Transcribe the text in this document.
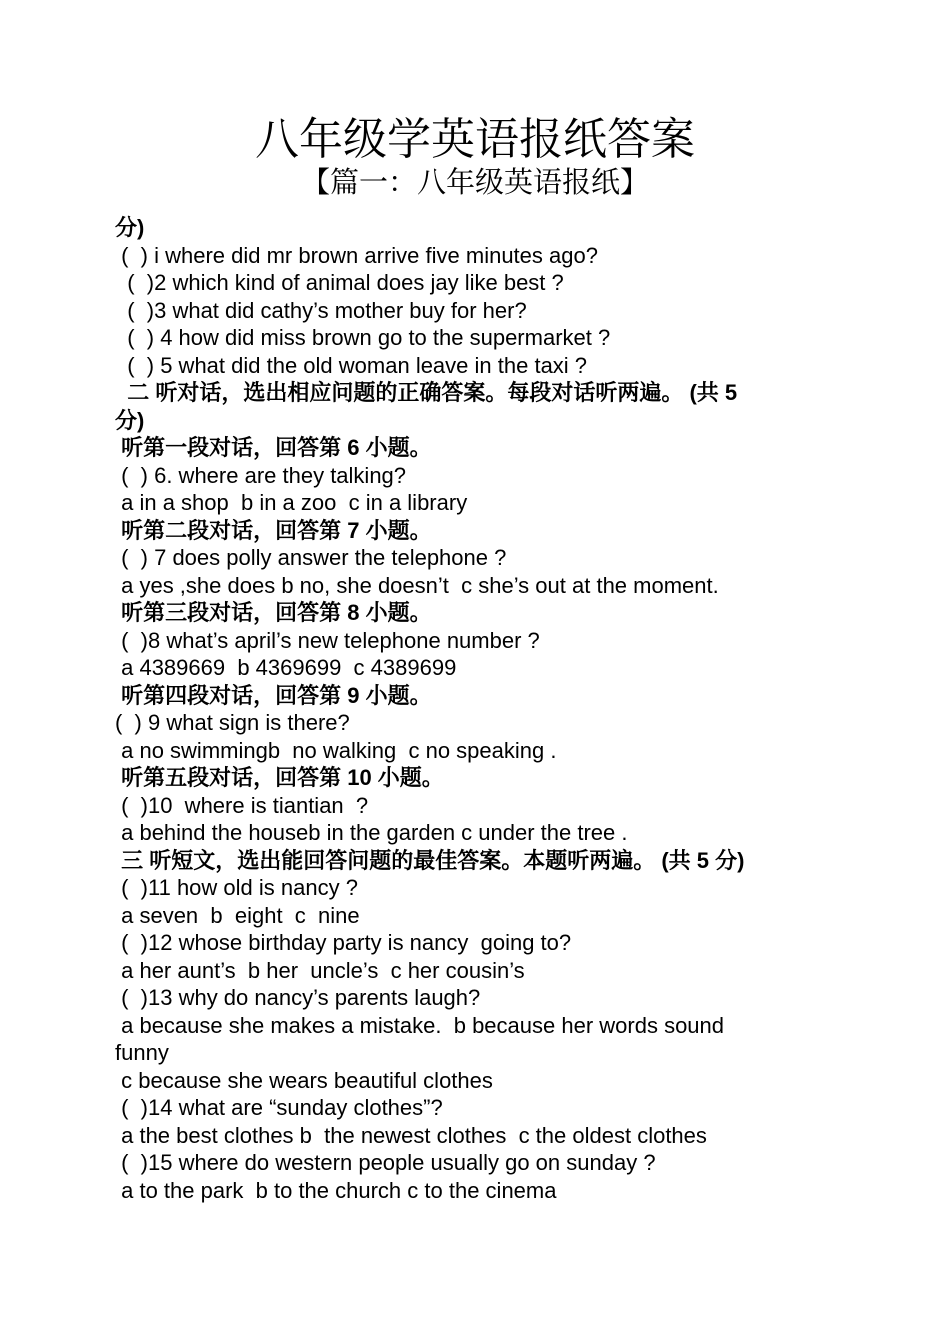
八年级学英语报纸答案
【篇一：八年级英语报纸】
分)
(  ) i where did mr brown arrive five minutes ago?
(  )2 which kind of animal does jay like best ?
(  )3 what did cathy’s mother buy for her?
(  ) 4 how did miss brown go to the supermarket ?
(  ) 5 what did the old woman leave in the taxi ?
二 听对话，选出相应问题的正确答案。每段对话听两遍。 (共 5
分)
听第一段对话，回答第 6 小题。
(  ) 6. where are they talking?
a in a shop  b in a zoo  c in a library
听第二段对话，回答第 7 小题。
(  ) 7 does polly answer the telephone ?
a yes ,she does b no, she doesn’t  c she’s out at the moment.
听第三段对话，回答第 8 小题。
(  )8 what’s april’s new telephone number ?
a 4389669  b 4369699  c 4389699
听第四段对话，回答第 9 小题。
(  ) 9 what sign is there?
a no swimmingb  no walking  c no speaking .
听第五段对话，回答第 10 小题。
(  )10  where is tiantian  ?
a behind the houseb in the garden c under the tree .
三 听短文，选出能回答问题的最佳答案。本题听两遍。 (共 5 分)
(  )11 how old is nancy ?
a seven  b  eight  c  nine
(  )12 whose birthday party is nancy  going to?
a her aunt’s  b her  uncle’s  c her cousin’s
(  )13 why do nancy’s parents laugh?
a because she makes a mistake.  b because her words sound
funny
c because she wears beautiful clothes
(  )14 what are “sunday clothes”?
a the best clothes b  the newest clothes  c the oldest clothes
(  )15 where do western people usually go on sunday ?
a to the park  b to the church c to the cinema
